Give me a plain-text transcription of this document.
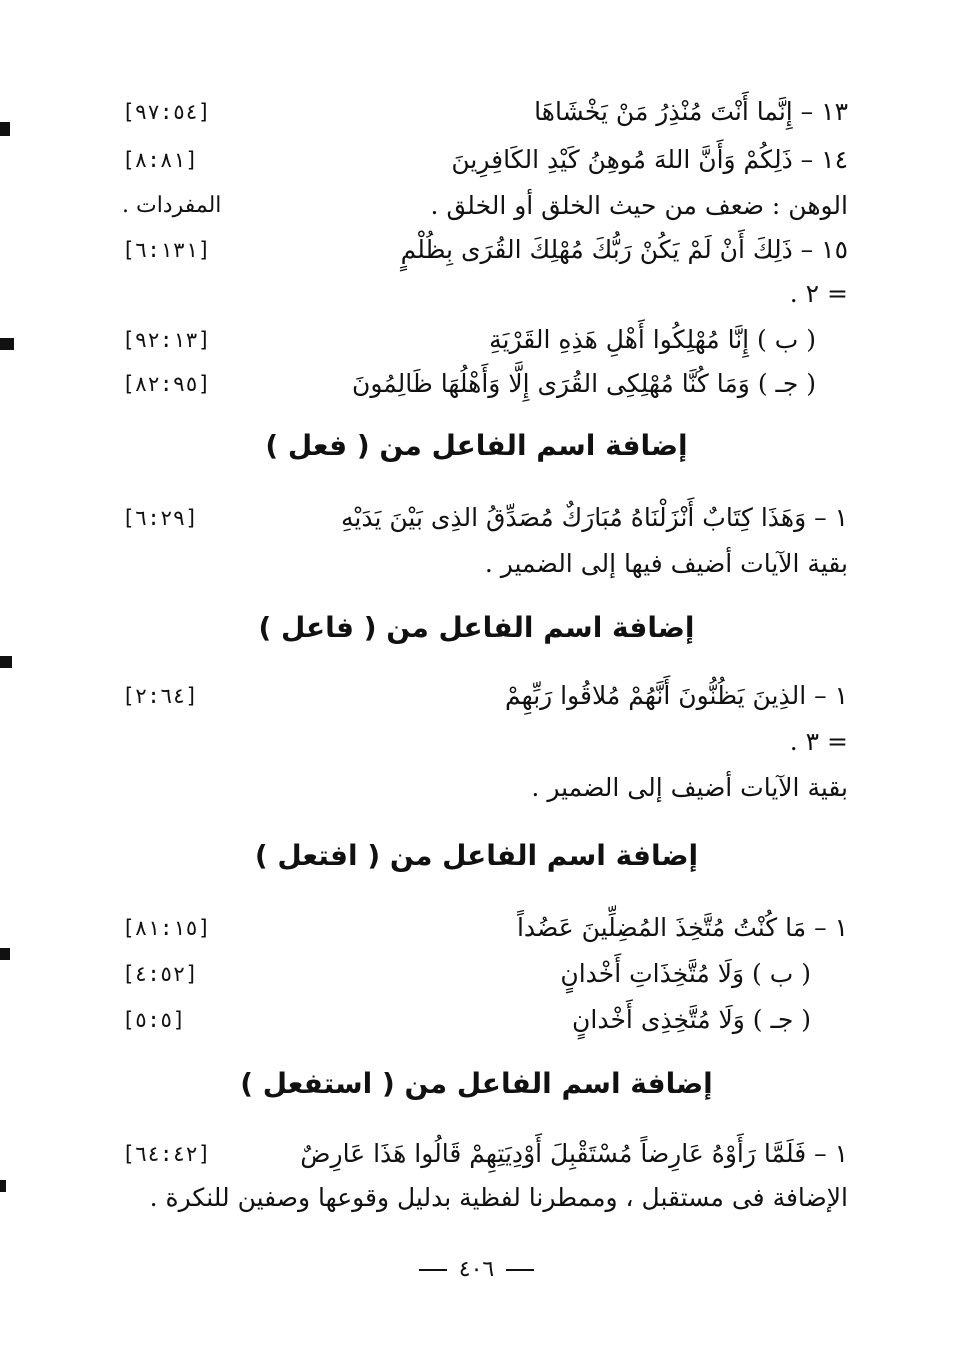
١٣ – إِنَّما أَنْتَ مُنْذِرُ مَنْ يَخْشَاهَا
[٤٥:٧٩]
١٤ – ذَلِكُمْ وَأَنَّ اللهَ مُوهِنُ كَيْدِ الكَافِرِينَ
[١٨:٨]
الوهن : ضعف من حيث الخلق أو الخلق .
المفردات .
١٥ – ذَلِكَ أَنْ لَمْ يَكُنْ رَبُّكَ مُهْلِكَ القُرَى بِظُلْمٍ
[١٣١:٦]
= ٢ .
( ب ) إِنَّا مُهْلِكُوا أَهْلِ هَذِهِ القَرْيَةِ
[٣١:٢٩]
( جـ ) وَمَا كُنَّا مُهْلِكِى القُرَى إِلَّا وَأَهْلُهَا ظَالِمُونَ
[٥٩:٢٨]
إضافة اسم الفاعل من ( فعل )
١ – وَهَذَا كِتَابٌ أَنْزَلْنَاهُ مُبَارَكٌ مُصَدِّقُ الذِى بَيْنَ يَدَيْهِ
[٩٢:٦]
بقية الآيات أضيف فيها إلى الضمير .
إضافة اسم الفاعل من ( فاعل )
١ – الذِينَ يَظُنُّونَ أَنَّهُمْ مُلاقُوا رَبِّهِمْ
[٤٦:٢]
= ٣ .
بقية الآيات أضيف إلى الضمير .
إضافة اسم الفاعل من ( افتعل )
١ – مَا كُنْتُ مُتَّخِذَ المُضِلِّينَ عَضُداً
[٥١:١٨]
( ب ) وَلَا مُتَّخِذَاتِ أَخْدانٍ
[٢٥:٤]
( جـ ) وَلَا مُتَّخِذِى أَخْدانٍ
[٥:٥]
إضافة اسم الفاعل من ( استفعل )
١ – فَلَمَّا رَأَوْهُ عَارِضاً مُسْتَقْبِلَ أَوْدِيَتِهِمْ قَالُوا هَذَا عَارِضٌ
[٢٤:٤٦]
الإضافة فى مستقبل ، وممطرنا لفظية بدليل وقوعها وصفين للنكرة .
٤٠٦
